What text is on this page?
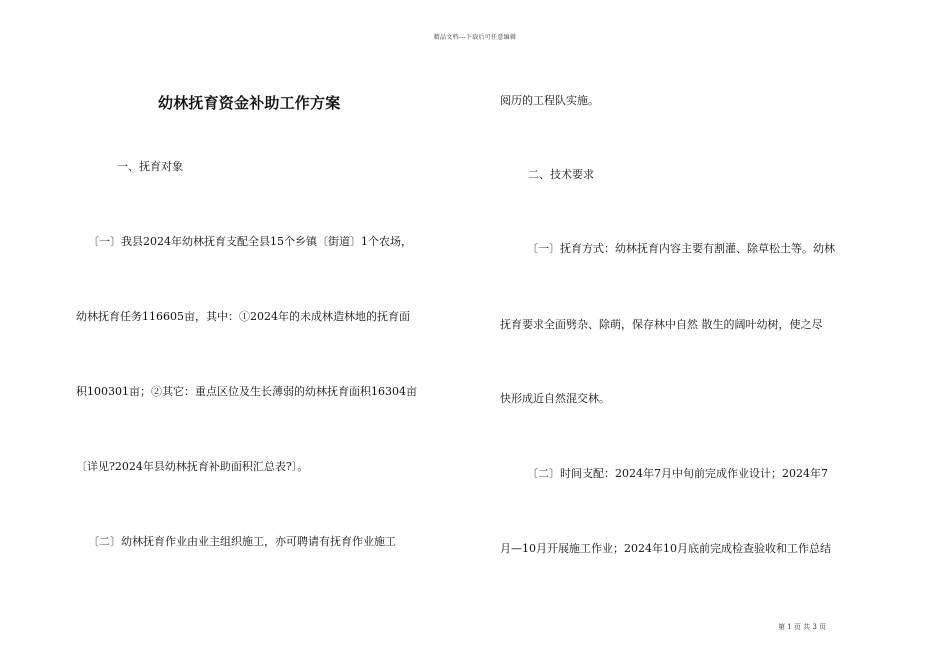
精品文档---下载后可任意编辑
幼林抚育资金补助工作方案
一、抚育对象
〔一〕我县2024年幼林抚育支配全县15个乡镇〔街道〕1个农场，
幼林抚育任务116605亩，其中：①2024年的未成林造林地的抚育面
积100301亩；②其它：重点区位及生长薄弱的幼林抚育面积16304亩
〔详见?2024年县幼林抚育补助面积汇总表?〕。
〔二〕幼林抚育作业由业主组织施工，亦可聘请有抚育作业施工
阅历的工程队实施。
二、技术要求
〔一〕抚育方式：幼林抚育内容主要有割灌、除草松土等。幼林
抚育要求全面劈杂、除萌，保存林中自然 散生的阔叶幼树，使之尽
快形成近自然混交林。
〔二〕时间支配：2024年7月中旬前完成作业设计；2024年7
月—10月开展施工作业；2024年10月底前完成检查验收和工作总结
第 1 页 共 3 页
